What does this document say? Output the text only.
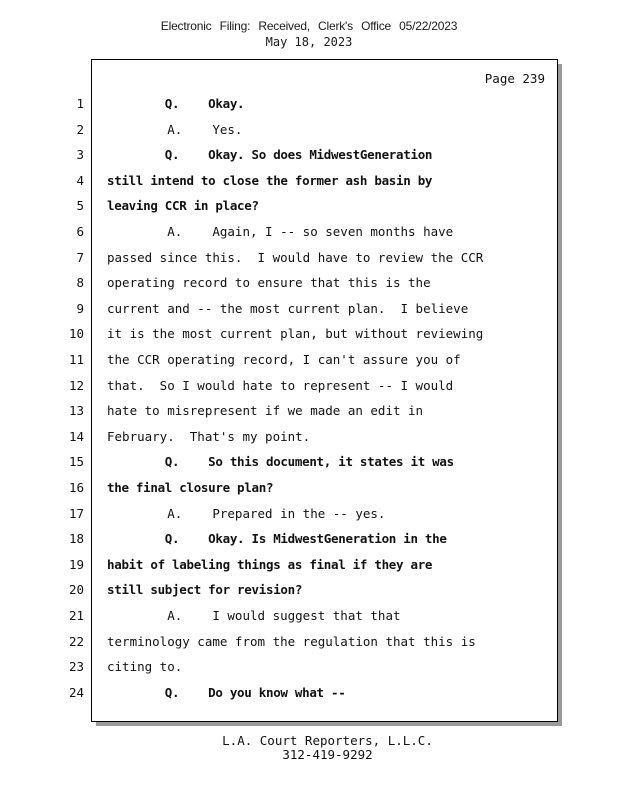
Electronic Filing: Received, Clerk's Office 05/22/2023
May 18, 2023
Page 239
1 Q.    Okay.
2 A.    Yes.
3 Q.    Okay. So does MidwestGeneration
4 still intend to close the former ash basin by
5 leaving CCR in place?
6 A.    Again, I -- so seven months have
7 passed since this.  I would have to review the CCR
8 operating record to ensure that this is the
9 current and -- the most current plan.  I believe
10 it is the most current plan, but without reviewing
11 the CCR operating record, I can't assure you of
12 that.  So I would hate to represent -- I would
13 hate to misrepresent if we made an edit in
14 February.  That's my point.
15 Q.    So this document, it states it was
16 the final closure plan?
17 A.    Prepared in the -- yes.
18 Q.    Okay. Is MidwestGeneration in the
19 habit of labeling things as final if they are
20 still subject for revision?
21 A.    I would suggest that that
22 terminology came from the regulation that this is
23 citing to.
24 Q.    Do you know what --
L.A. Court Reporters, L.L.C.
312-419-9292
